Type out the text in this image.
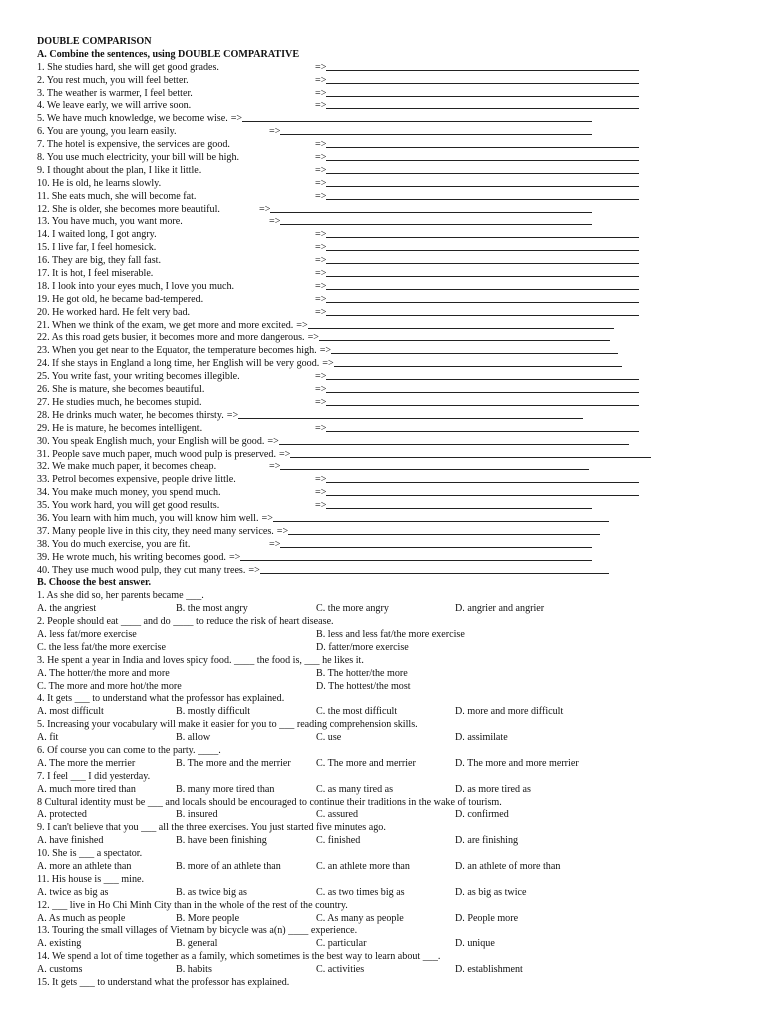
DOUBLE COMPARISON
A. Combine the sentences, using DOUBLE COMPARATIVE
1. She studies hard, she will get good grades.	=>
2. You rest much, you will feel better.	=>
3. The weather is warmer, I feel better.	=>
4. We leave early, we will arrive soon.	=>
5. We have much knowledge, we become wise. =>
6. You are young, you learn easily.	=>
7. The hotel is expensive, the services are good.	=>
8. You use much electricity, your bill will be high.	=>
9. I thought about the plan, I like it little.	=>
10. He is old, he learns slowly.	=>
11. She eats much, she will become fat.	=>
12. She is older, she becomes more beautiful.	=>
13. You have much, you want more.	=>
14. I waited long, I got angry.	=>
15. I live far, I feel homesick.	=>
16. They are big, they fall fast.	=>
17. It is hot, I feel miserable.	=>
18. I look into your eyes much, I love you much.	=>
19. He got old, he became bad-tempered.	=>
20. He worked hard. He felt very bad.	=>
21. When we think of the exam, we get more and more excited. =>
22. As this road gets busier, it becomes more and more dangerous. =>
23. When you get near to the Equator, the temperature becomes high. =>
24. If she stays in England a long time, her English will be very good. =>
25. You write fast, your writing becomes illegible.	=>
26. She is mature, she becomes beautiful.	=>
27. He studies much, he becomes stupid.	=>
28. He drinks much water, he becomes thirsty. =>
29. He is mature, he becomes intelligent.	=>
30. You speak English much, your English will be good. =>
31. People save much paper, much wood pulp is preserved. =>
32. We make much paper, it becomes cheap.	=>
33. Petrol becomes expensive, people drive little.	=>
34. You make much money, you spend much.	=>
35. You work hard, you will get good results.	=>
36. You learn with him much, you will know him well. =>
37. Many people live in this city, they need many services. =>
38. You do much exercise, you are fit.	=>
39. He wrote much, his writing becomes good. =>
40. They use much wood pulp, they cut many trees. =>
B. Choose the best answer.
1. As she did so, her parents became ___.
A. the angriest	B. the most angry	C. the more angry	D. angrier and angrier
2. People should eat ____ and do ____ to reduce the risk of heart disease.
A. less fat/more exercise	B. less and less fat/the more exercise
C. the less fat/the more exercise	D. fatter/more exercise
3. He spent a year in India and loves spicy food. ____ the food is, ___ he likes it.
A. The hotter/the more and more	B. The hotter/the more
C. The more and more hot/the more	D. The hottest/the most
4. It gets ___ to understand what the professor has explained.
A. most difficult	B. mostly difficult	C. the most difficult	D. more and more difficult
5. Increasing your vocabulary will make it easier for you to ___ reading comprehension skills.
A. fit	B. allow	C. use	D. assimilate
6. Of course you can come to the party. ____.
A. The more the merrier	B. The more and the merrier	C. The more and merrier	D. The more and more merrier
7. I feel ___ I did yesterday.
A. much more tired than	B. many more tired than	C. as many tired as	D. as more tired as
8 Cultural identity must be ___ and locals should be encouraged to continue their traditions in the wake of tourism.
A. protected	B. insured	C. assured	D. confirmed
9. I can't believe that you ___ all the three exercises. You just started five minutes ago.
A. have finished	B. have been finishing	C. finished	D. are finishing
10. She is ___ a spectator.
A. more an athlete than	B. more of an athlete than	C. an athlete more than	D. an athlete of more than
11. His house is ___ mine.
A. twice as big as	B. as twice big as	C. as two times big as	D. as big as twice
12. ___ live in Ho Chi Minh City than in the whole of the rest of the country.
A. As much as people	B. More people	C. As many as people	D. People more
13. Touring the small villages of Vietnam by bicycle was a(n) ____ experience.
A. existing	B. general	C. particular	D. unique
14. We spend a lot of time together as a family, which sometimes is the best way to learn about ___.
A. customs	B. habits	C. activities	D. establishment
15. It gets ___ to understand what the professor has explained.
